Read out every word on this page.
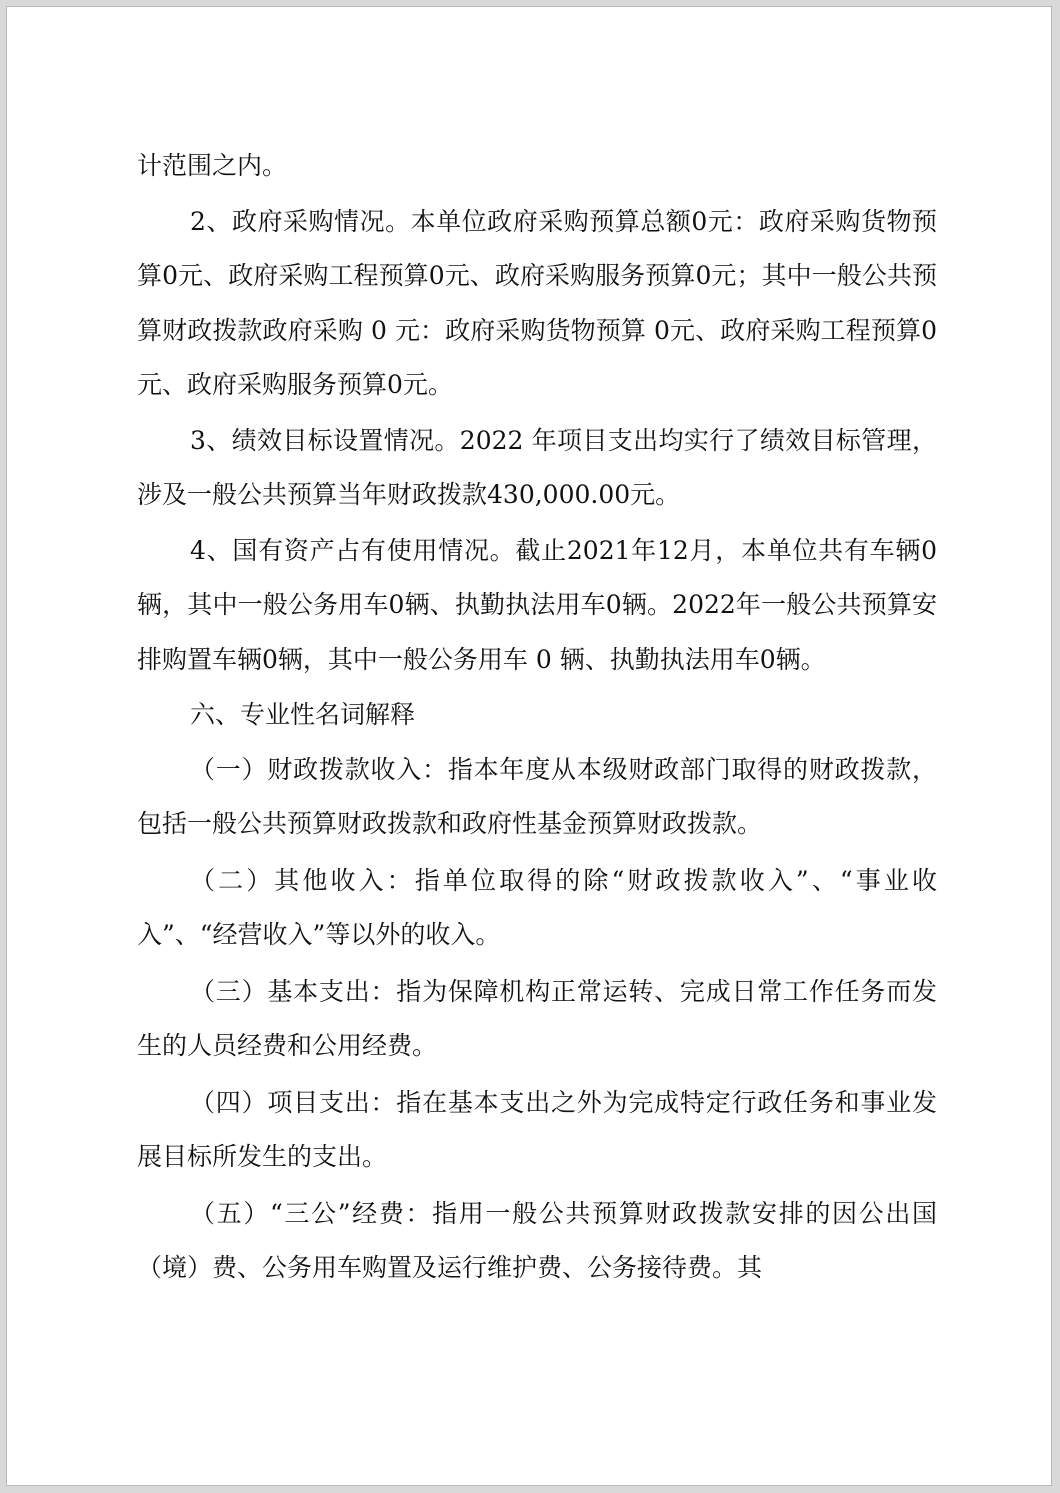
计范围之内。

2、政府采购情况。本单位政府采购预算总额0元：政府采购货物预算0元、政府采购工程预算0元、政府采购服务预算0元；其中一般公共预算财政拨款政府采购 0 元：政府采购货物预算 0元、政府采购工程预算0元、政府采购服务预算0元。

3、绩效目标设置情况。2022 年项目支出均实行了绩效目标管理，涉及一般公共预算当年财政拨款430,000.00元。

4、国有资产占有使用情况。截止2021年12月，本单位共有车辆0辆，其中一般公务用车0辆、执勤执法用车0辆。2022年一般公共预算安排购置车辆0辆，其中一般公务用车 0 辆、执勤执法用车0辆。

六、专业性名词解释

（一）财政拨款收入：指本年度从本级财政部门取得的财政拨款，包括一般公共预算财政拨款和政府性基金预算财政拨款。

（二）其他收入：指单位取得的除“财政拨款收入”、“事业收入”、“经营收入”等以外的收入。

（三）基本支出：指为保障机构正常运转、完成日常工作任务而发生的人员经费和公用经费。

（四）项目支出：指在基本支出之外为完成特定行政任务和事业发展目标所发生的支出。

（五）“三公”经费：指用一般公共预算财政拨款安排的因公出国（境）费、公务用车购置及运行维护费、公务接待费。其
